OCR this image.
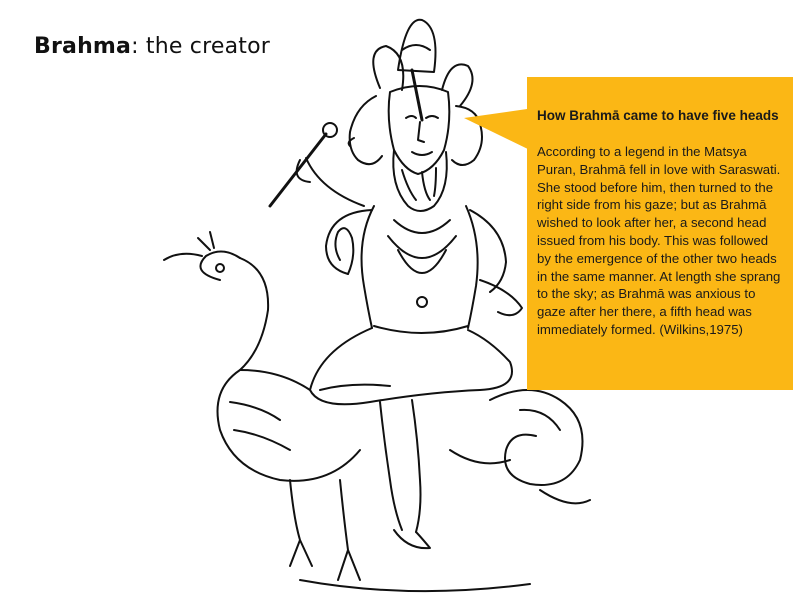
Brahma: the creator

How Brahmā came to have five heads

According to a legend in the Matsya Puran, Brahmā fell in love with Saraswati. She stood before him, then turned to the right side from his gaze; but as Brahmā wished to look after her, a second head issued from his body. This was followed by the emergence of the other two heads in the same manner. At length she sprang to the sky; as Brahmā was anxious to gaze after her there, a fifth head was immediately formed. (Wilkins,1975)
